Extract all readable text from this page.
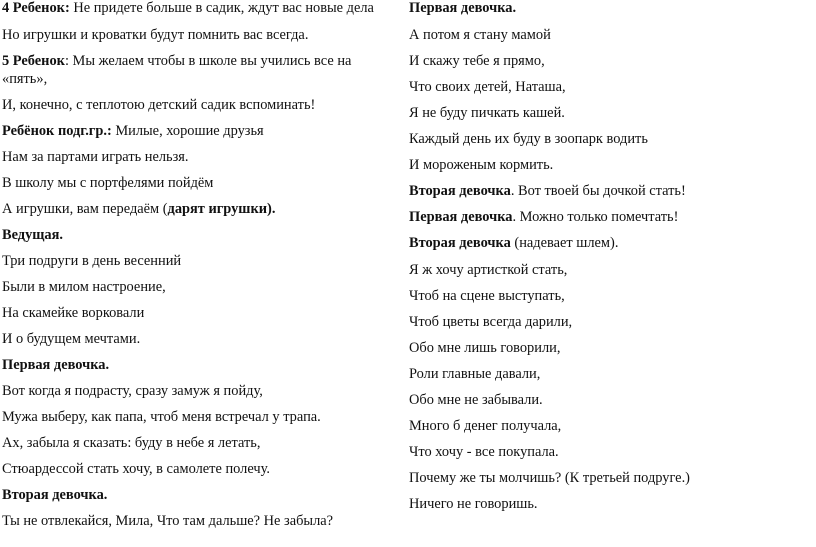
4 Ребенок: Не придете больше в садик, ждут вас новые дела
Но игрушки и кроватки будут помнить вас всегда.
5 Ребенок: Мы желаем чтобы в школе вы учились все на
«пять»,
И, конечно, с теплотою детский садик вспоминать!
Ребёнок подг.гр.: Милые, хорошие друзья
Нам за партами играть нельзя.
В школу мы с портфелями пойдём
А игрушки, вам передаём (дарят игрушки).
Ведущая.
Три подруги в день весенний
Были в милом настроение,
На скамейке ворковали
И о будущем мечтами.
Первая девочка.
Вот когда я подрасту, сразу замуж я пойду,
Мужа выберу, как папа, чтоб меня встречал у трапа.
Ах, забыла я сказать: буду в небе я летать,
Стюардессой стать хочу, в самолете полечу.
Вторая девочка.
Ты не отвлекайся, Мила, Что там дальше? Не забыла?
Первая девочка.
А потом я стану мамой
И скажу тебе я прямо,
Что своих детей, Наташа,
Я не буду пичкать кашей.
Каждый день их буду в зоопарк водить
И мороженым кормить.
Вторая девочка. Вот твоей бы дочкой стать!
Первая девочка. Можно только помечтать!
Вторая девочка (надевает шлем).
Я ж хочу артисткой стать,
Чтоб на сцене выступать,
Чтоб цветы всегда дарили,
Обо мне лишь говорили,
Роли главные давали,
Обо мне не забывали.
Много б денег получала,
Что хочу - все покупала.
Почему же ты молчишь? (К третьей подруге.)
Ничего не говоришь.
